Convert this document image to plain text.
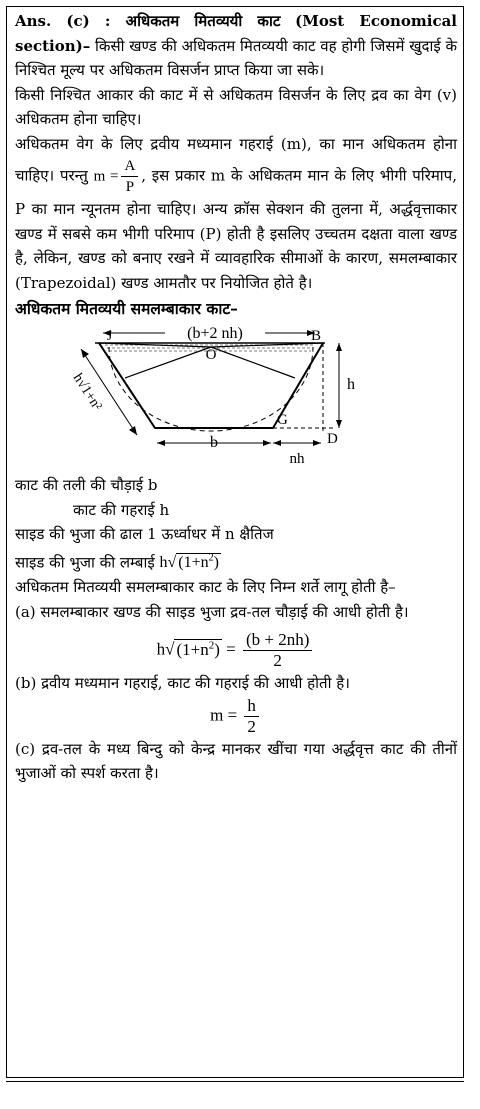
Ans. (c) : अधिकतम मितव्ययी काट (Most Economical section)– किसी खण्ड की अधिकतम मितव्ययी काट वह होगी जिसमें खुदाई के निश्चित मूल्य पर अधिकतम विसर्जन प्राप्त किया जा सके।

किसी निश्चित आकार की काट में से अधिकतम विसर्जन के लिए द्रव का वेग (v) अधिकतम होना चाहिए।

अधिकतम वेग के लिए द्रवीय मध्यमान गहराई (m), का मान अधिकतम होना चाहिए। परन्तु $m = \frac{A}{P}$ , इस प्रकार m के अधिकतम मान के लिए भीगी परिमाप, P का मान न्यूनतम होना चाहिए। अन्य क्रॉस सेक्शन की तुलना में, अर्द्धवृत्ताकार खण्ड में सबसे कम भीगी परिमाप (P) होती है इसलिए उच्चतम दक्षता वाला खण्ड है, लेकिन, खण्ड को बनाए रखने में व्यावहारिक सीमाओं के कारण, समलम्बाकार (Trapezoidal) खण्ड आमतौर पर नियोजित होते है।

अधिकतम मितव्ययी समलम्बाकार काट–

(b+2 nh)
O
B
J
G
h
D
b
nh
h√1+n²

काट की तली की चौड़ाई b

काट की गहराई h

साइड की भुजा की ढाल 1 ऊर्ध्वाधर में n क्षैतिज

साइड की भुजा की लम्बाई h√ $(1+n^2)$

अधिकतम मितव्ययी समलम्बाकार काट के लिए निम्न शर्ते लागू होती है–

(a) समलम्बाकार खण्ड की साइड भुजा द्रव-तल चौड़ाई की आधी होती है।

h√ $(1+n^2) = \frac{(b + 2nh)}{2}$

(b) द्रवीय मध्यमान गहराई, काट की गहराई की आधी होती है।

$m = \frac{h}{2}$

(c) द्रव-तल के मध्य बिन्दु को केन्द्र मानकर खींचा गया अर्द्धवृत्त काट की तीनों भुजाओं को स्पर्श करता है।
